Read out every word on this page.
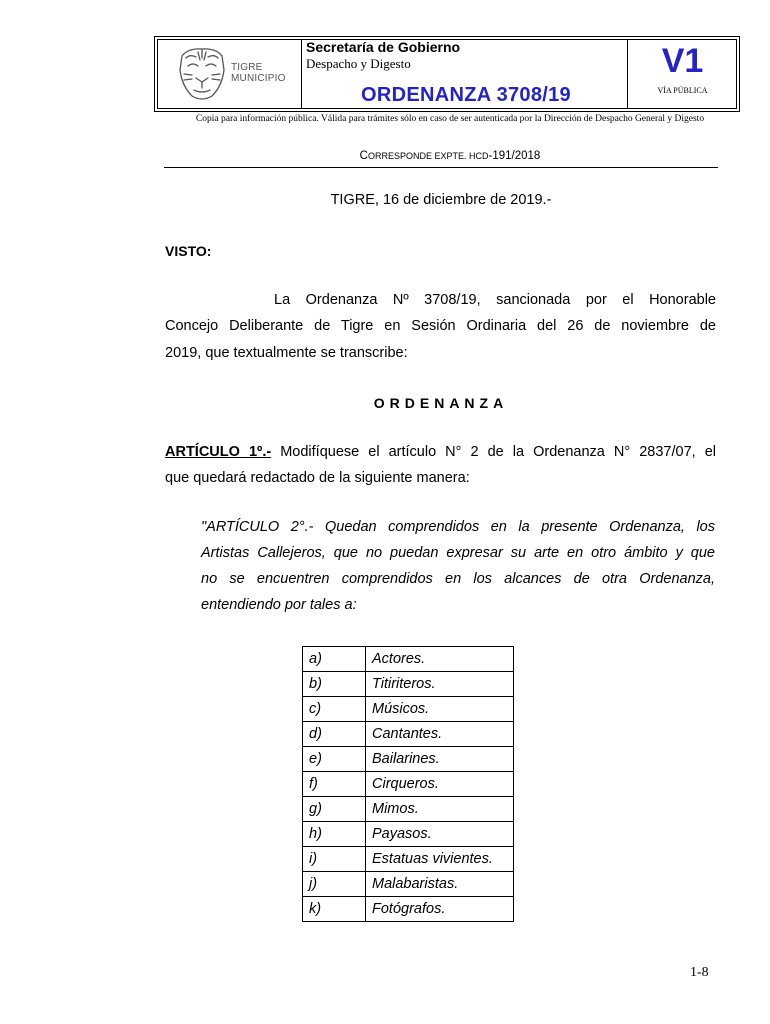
TIGRE
MUNICIPIO
Secretaría de Gobierno
Despacho y Digesto
ORDENANZA 3708/19
V1
VÍA PÚBLICA
Copia para información pública. Válida para trámites sólo en caso de ser autenticada por la Dirección de Despacho General y Digesto
CORRESPONDE EXPTE. HCD-191/2018
TIGRE, 16 de diciembre de 2019.-
VISTO:
La Ordenanza Nº 3708/19, sancionada por el Honorable
Concejo Deliberante de Tigre en Sesión Ordinaria del 26 de noviembre de
2019, que textualmente se transcribe:
ORDENANZA
ARTÍCULO 1º.- Modifíquese el artículo N° 2 de la Ordenanza N° 2837/07, el
que quedará redactado de la siguiente manera:
"ARTÍCULO 2°.- Quedan comprendidos en la presente Ordenanza, los
Artistas Callejeros, que no puedan expresar su arte en otro ámbito y que
no se encuentren comprendidos en los alcances de otra Ordenanza,
entendiendo por tales a:
a)	Actores.
b)	Titiriteros.
c)	Músicos.
d)	Cantantes.
e)	Bailarines.
f)	Cirqueros.
g)	Mimos.
h)	Payasos.
i)	Estatuas vivientes.
j)	Malabaristas.
k)	Fotógrafos.
1-8
